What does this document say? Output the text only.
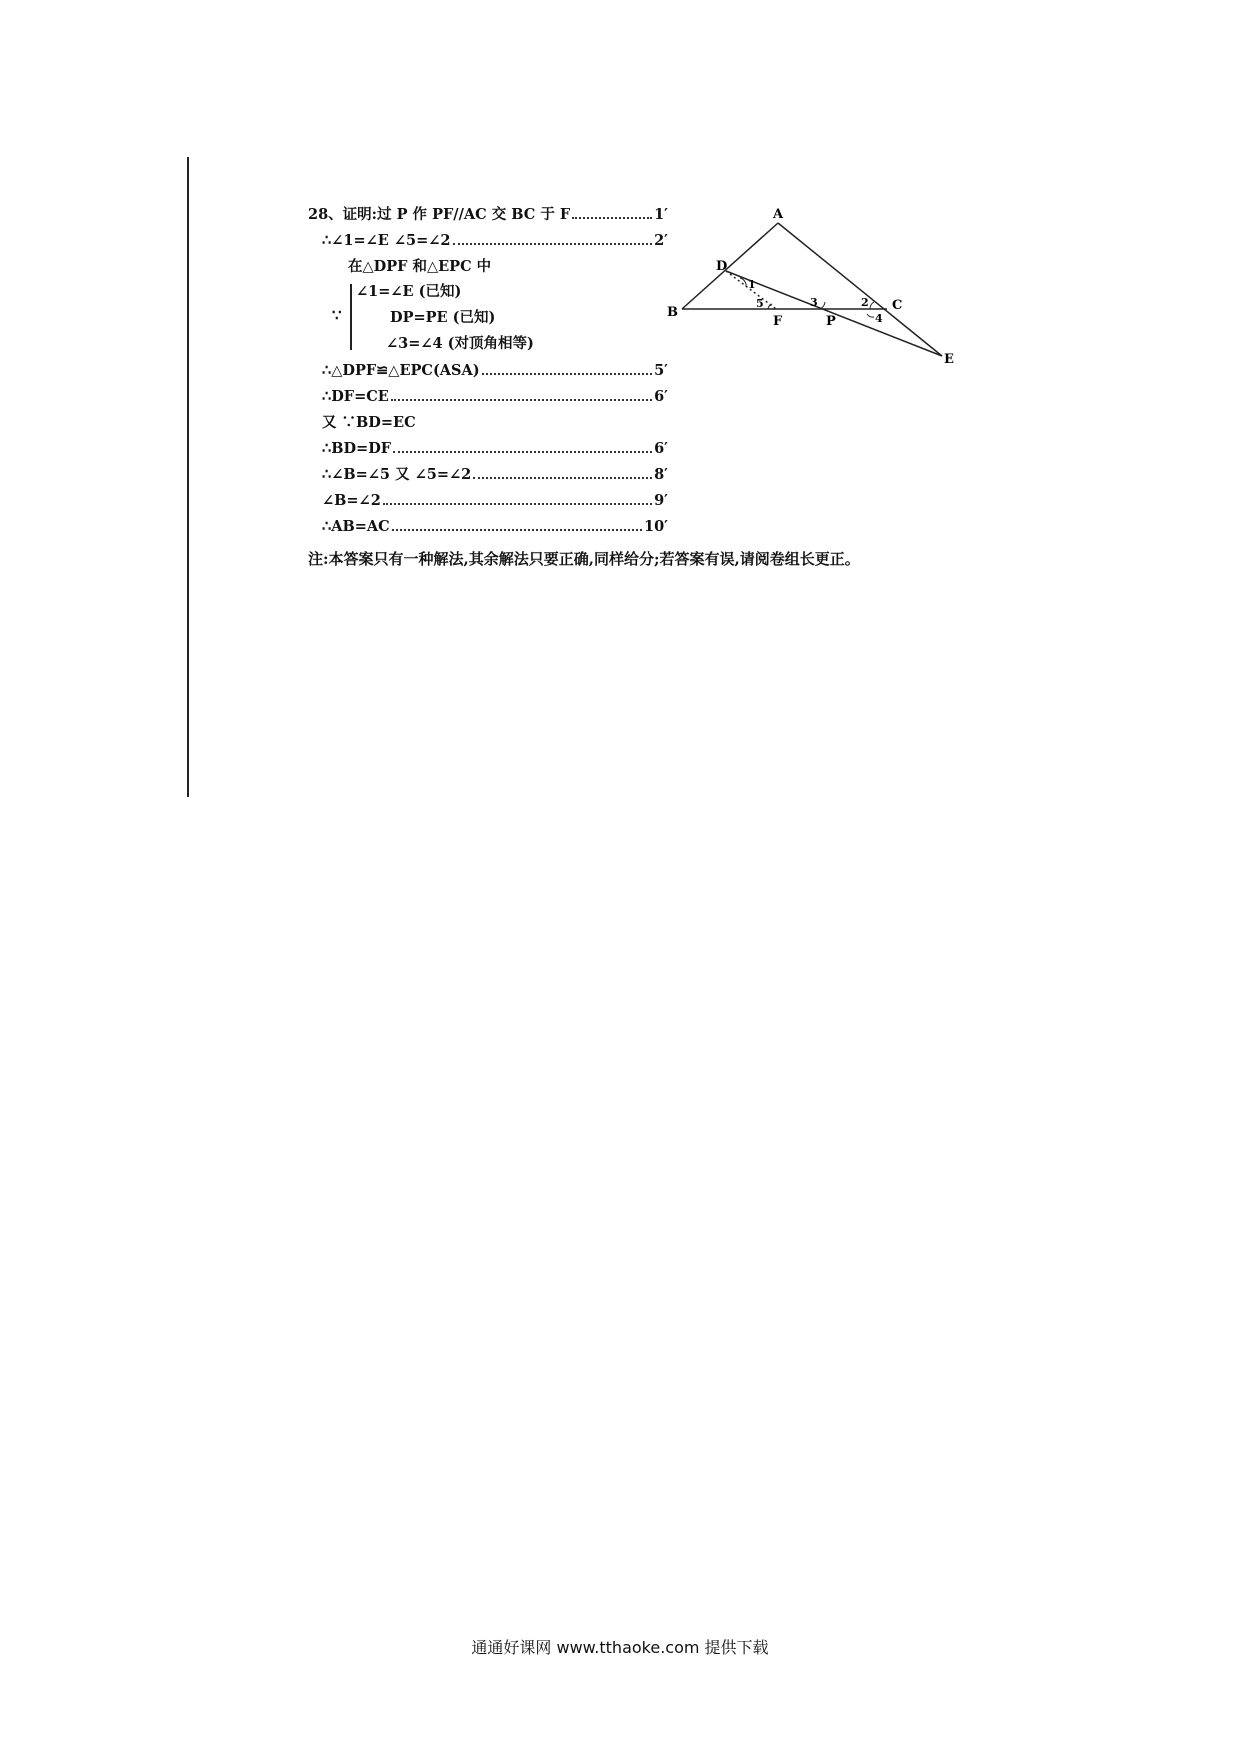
28、证明:过 P 作 PF//AC 交 BC 于 F	1′
∴∠1=∠E ∠5=∠2	2′
在△DPF 和△EPC 中
∵
∠1=∠E (已知)
DP=PE (已知)
∠3=∠4 (对顶角相等)
∴△DPF≌△EPC(ASA)	5′
∴DF=CE	6′
又 ∵BD=EC
∴BD=DF	6′
∴∠B=∠5 又 ∠5=∠2	8′
∠B=∠2	9′
∴AB=AC	10′
注:本答案只有一种解法,其余解法只要正确,同样给分;若答案有误,请阅卷组长更正。
A
B	C
D
E
F	P
1
5	3	2
4
通通好课网 www.tthaoke.com 提供下载
